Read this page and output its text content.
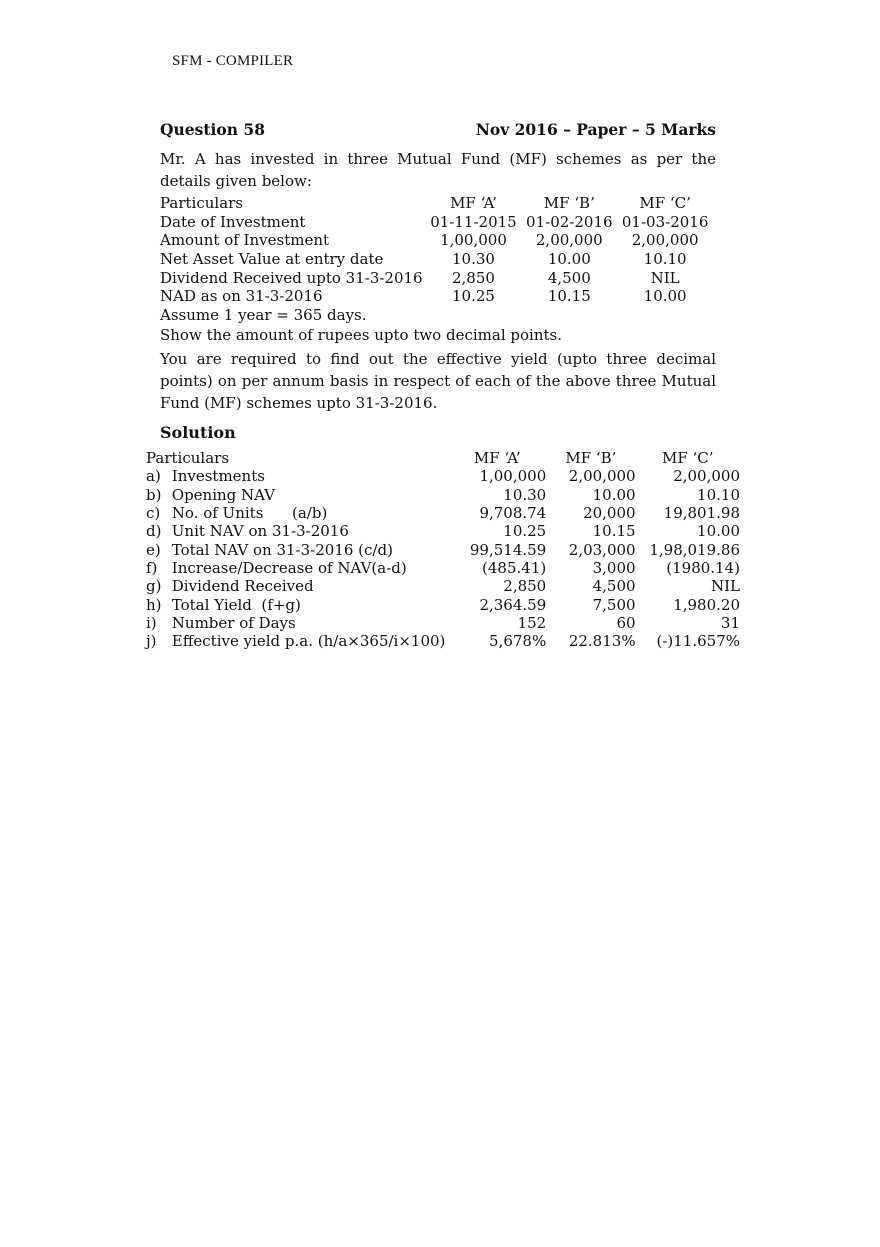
SFM - COMPILER
Question 58	Nov 2016 – Paper – 5 Marks
Mr. A has invested in three Mutual Fund (MF) schemes as per the details given below:
Particulars	MF ‘A’	MF ‘B’	MF ‘C’
Date of Investment	01-11-2015	01-02-2016	01-03-2016
Amount of Investment	1,00,000	2,00,000	2,00,000
Net Asset Value at entry date	10.30	10.00	10.10
Dividend Received upto 31-3-2016	2,850	4,500	NIL
NAD as on 31-3-2016	10.25	10.15	10.00
Assume 1 year = 365 days.
Show the amount of rupees upto two decimal points.
You are required to find out the effective yield (upto three decimal points) on per annum basis in respect of each of the above three Mutual Fund (MF) schemes upto 31-3-2016.
Solution
Particulars		MF ‘A’	MF ‘B’	MF ‘C’
a)	Investments	1,00,000	2,00,000	2,00,000
b)	Opening NAV	10.30	10.00	10.10
c)	No. of Units      (a/b)	9,708.74	20,000	19,801.98
d)	Unit NAV on 31-3-2016	10.25	10.15	10.00
e)	Total NAV on 31-3-2016 (c/d)	99,514.59	2,03,000	1,98,019.86
f)	Increase/Decrease of NAV(a-d)	(485.41)	3,000	(1980.14)
g)	Dividend Received	2,850	4,500	NIL
h)	Total Yield  (f+g)	2,364.59	7,500	1,980.20
i)	Number of Days	152	60	31
j)	Effective yield p.a. (h/a×365/i×100)	5,678%	22.813%	(-)11.657%
